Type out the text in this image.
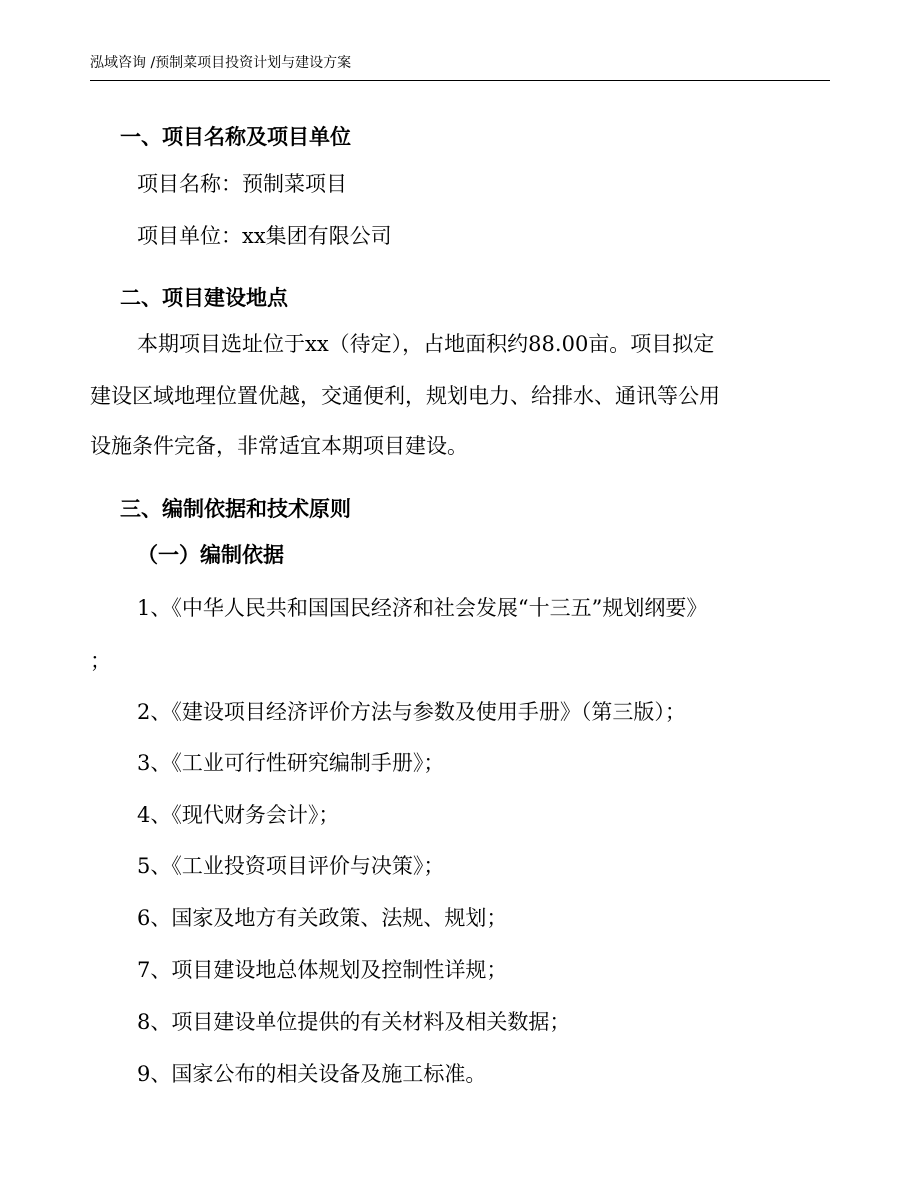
泓域咨询 /预制菜项目投资计划与建设方案
一、项目名称及项目单位
项目名称：预制菜项目
项目单位：xx集团有限公司
二、项目建设地点
本期项目选址位于xx（待定），占地面积约88.00亩。项目拟定
建设区域地理位置优越，交通便利，规划电力、给排水、通讯等公用
设施条件完备，非常适宜本期项目建设。
三、编制依据和技术原则
（一）编制依据
1、《中华人民共和国国民经济和社会发展“十三五”规划纲要》
；
2、《建设项目经济评价方法与参数及使用手册》（第三版）；
3、《工业可行性研究编制手册》；
4、《现代财务会计》；
5、《工业投资项目评价与决策》；
6、国家及地方有关政策、法规、规划；
7、项目建设地总体规划及控制性详规；
8、项目建设单位提供的有关材料及相关数据；
9、国家公布的相关设备及施工标准。
